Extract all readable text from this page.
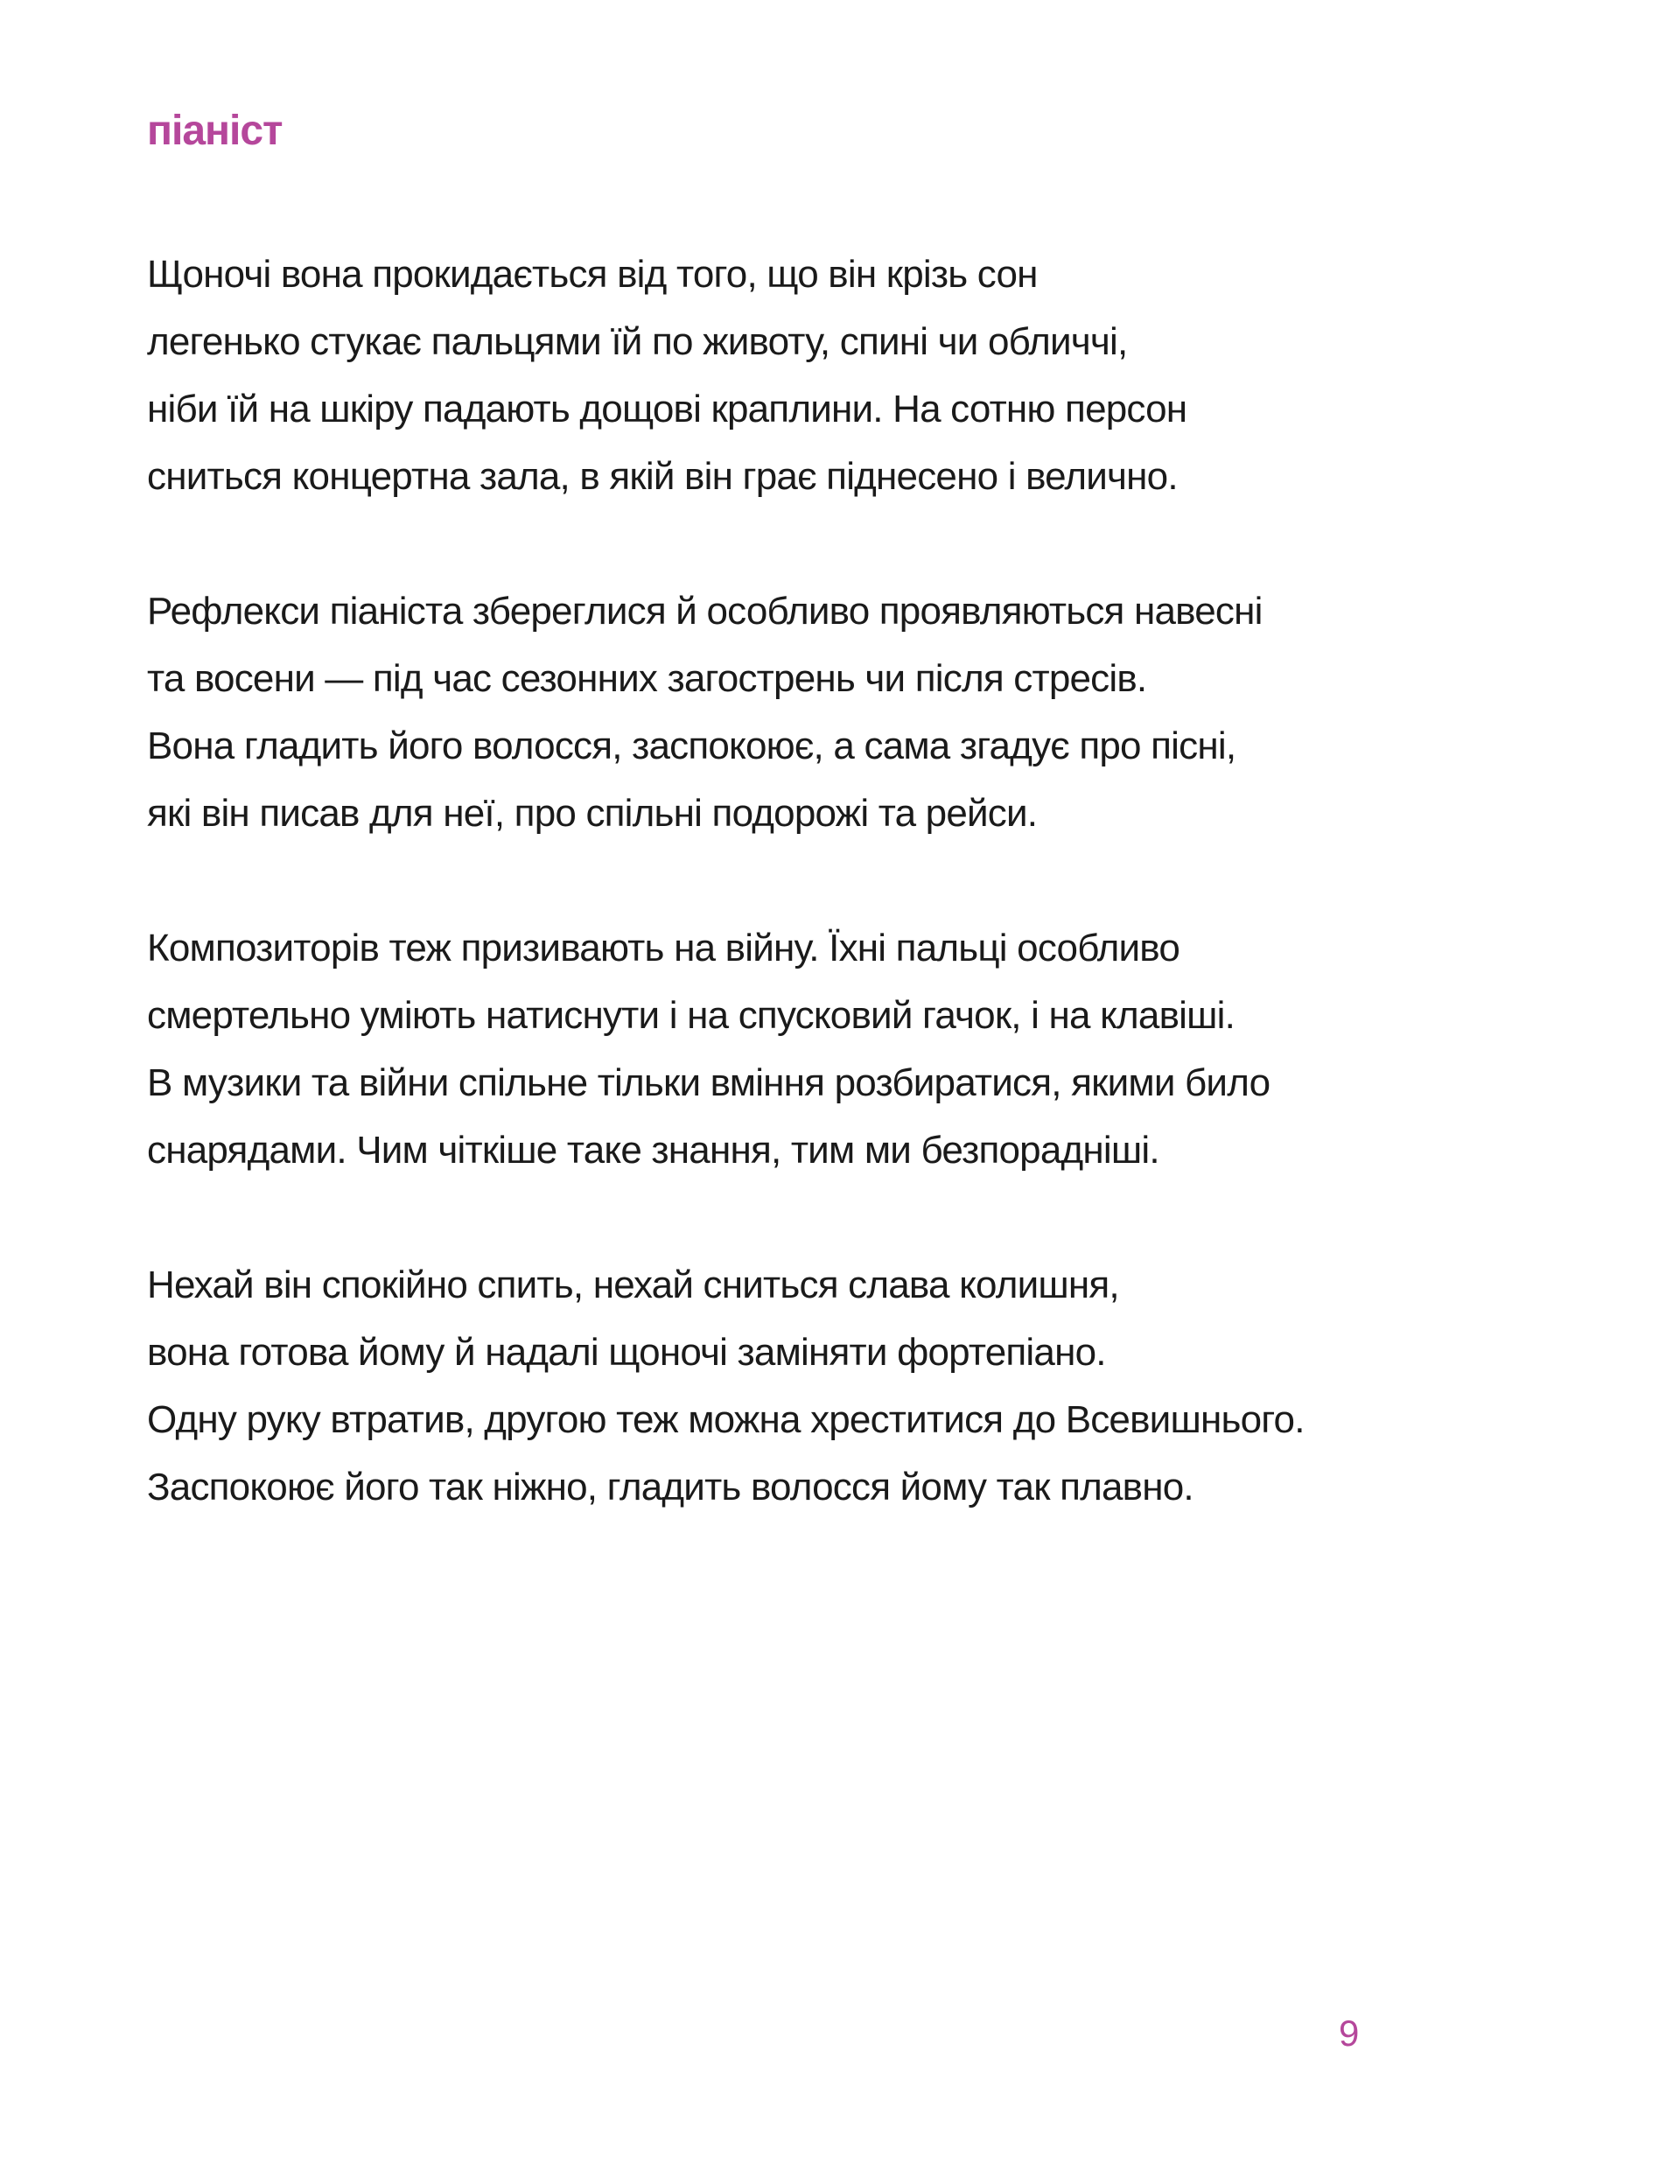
піаніст
Щоночі вона прокидається від того, що він крізь сон
легенько стукає пальцями їй по животу, спині чи обличчі,
ніби їй на шкіру падають дощові краплини. На сотню персон
сниться концертна зала, в якій він грає піднесено і велично.
Рефлекси піаніста збереглися й особливо проявляються навесні
та восени — під час сезонних загострень чи після стресів.
Вона гладить його волосся, заспокоює, а сама згадує про пісні,
які він писав для неї, про спільні подорожі та рейси.
Композиторів теж призивають на війну. Їхні пальці особливо
смертельно уміють натиснути і на спусковий гачок, і на клавіші.
В музики та війни спільне тільки вміння розбиратися, якими било
снарядами. Чим чіткіше таке знання, тим ми безпорадніші.
Нехай він спокійно спить, нехай сниться слава колишня,
вона готова йому й надалі щоночі заміняти фортепіано.
Одну руку втратив, другою теж можна хреститися до Всевишнього.
Заспокоює його так ніжно, гладить волосся йому так плавно.
9
